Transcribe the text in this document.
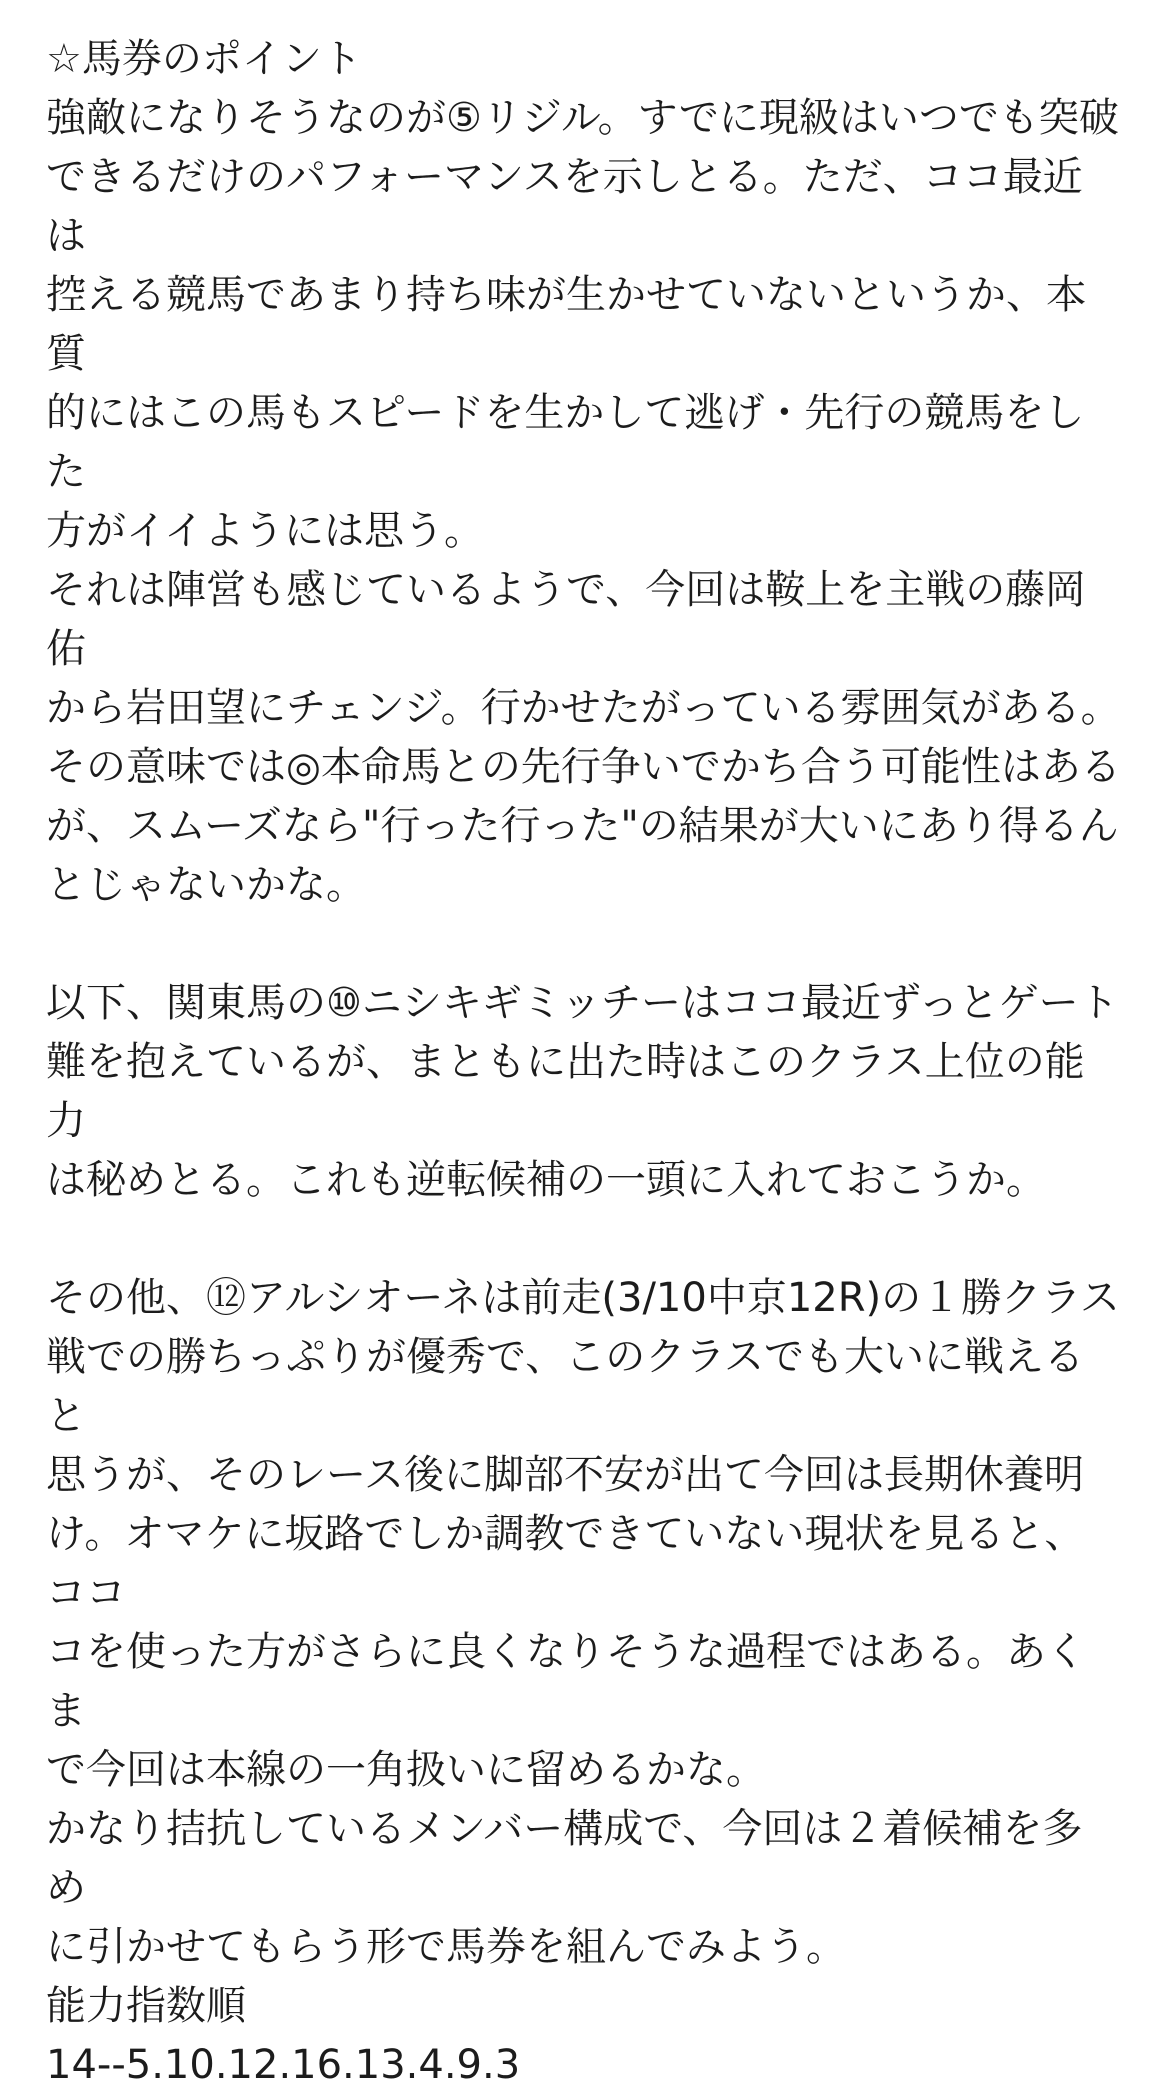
☆馬券のポイント
強敵になりそうなのが⑤リジル。すでに現級はいつでも突破
できるだけのパフォーマンスを示しとる。ただ、ココ最近は
控える競馬であまり持ち味が生かせていないというか、本質
的にはこの馬もスピードを生かして逃げ・先行の競馬をした
方がイイようには思う。
それは陣営も感じているようで、今回は鞍上を主戦の藤岡佑
から岩田望にチェンジ。行かせたがっている雰囲気がある。
その意味では◎本命馬との先行争いでかち合う可能性はある
が、スムーズなら"行った行った"の結果が大いにあり得るん
とじゃないかな。
以下、関東馬の⑩ニシキギミッチーはココ最近ずっとゲート
難を抱えているが、まともに出た時はこのクラス上位の能力
は秘めとる。これも逆転候補の一頭に入れておこうか。
その他、⑫アルシオーネは前走(3/10中京12R)の１勝クラス
戦での勝ちっぷりが優秀で、このクラスでも大いに戦えると
思うが、そのレース後に脚部不安が出て今回は長期休養明
け。オマケに坂路でしか調教できていない現状を見ると、ココ
コを使った方がさらに良くなりそうな過程ではある。あくま
で今回は本線の一角扱いに留めるかな。
かなり拮抗しているメンバー構成で、今回は２着候補を多め
に引かせてもらう形で馬券を組んでみよう。
能力指数順
14--5.10.12.16.13.4.9.3
